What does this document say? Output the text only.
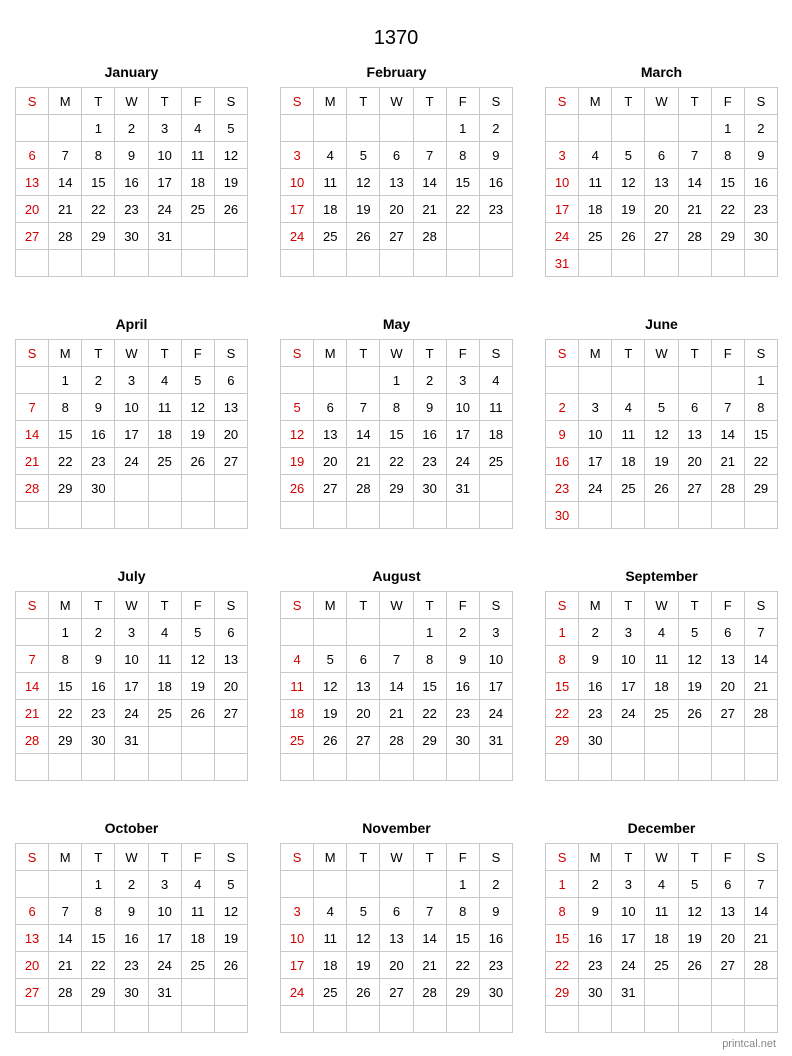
1370
January
S	M	T	W	T	F	S
		1	2	3	4	5
6	7	8	9	10	11	12
13	14	15	16	17	18	19
20	21	22	23	24	25	26
27	28	29	30	31		

February
S	M	T	W	T	F	S
					1	2
3	4	5	6	7	8	9
10	11	12	13	14	15	16
17	18	19	20	21	22	23
24	25	26	27	28		

March
S	M	T	W	T	F	S
					1	2
3	4	5	6	7	8	9
10	11	12	13	14	15	16
17	18	19	20	21	22	23
24	25	26	27	28	29	30
31						
April
S	M	T	W	T	F	S
	1	2	3	4	5	6
7	8	9	10	11	12	13
14	15	16	17	18	19	20
21	22	23	24	25	26	27
28	29	30				

May
S	M	T	W	T	F	S
			1	2	3	4
5	6	7	8	9	10	11
12	13	14	15	16	17	18
19	20	21	22	23	24	25
26	27	28	29	30	31	

June
S	M	T	W	T	F	S
						1
2	3	4	5	6	7	8
9	10	11	12	13	14	15
16	17	18	19	20	21	22
23	24	25	26	27	28	29
30						
July
S	M	T	W	T	F	S
	1	2	3	4	5	6
7	8	9	10	11	12	13
14	15	16	17	18	19	20
21	22	23	24	25	26	27
28	29	30	31			

August
S	M	T	W	T	F	S
				1	2	3
4	5	6	7	8	9	10
11	12	13	14	15	16	17
18	19	20	21	22	23	24
25	26	27	28	29	30	31

September
S	M	T	W	T	F	S
1	2	3	4	5	6	7
8	9	10	11	12	13	14
15	16	17	18	19	20	21
22	23	24	25	26	27	28
29	30					

October
S	M	T	W	T	F	S
		1	2	3	4	5
6	7	8	9	10	11	12
13	14	15	16	17	18	19
20	21	22	23	24	25	26
27	28	29	30	31		

November
S	M	T	W	T	F	S
					1	2
3	4	5	6	7	8	9
10	11	12	13	14	15	16
17	18	19	20	21	22	23
24	25	26	27	28	29	30

December
S	M	T	W	T	F	S
1	2	3	4	5	6	7
8	9	10	11	12	13	14
15	16	17	18	19	20	21
22	23	24	25	26	27	28
29	30	31				

printcal.net
